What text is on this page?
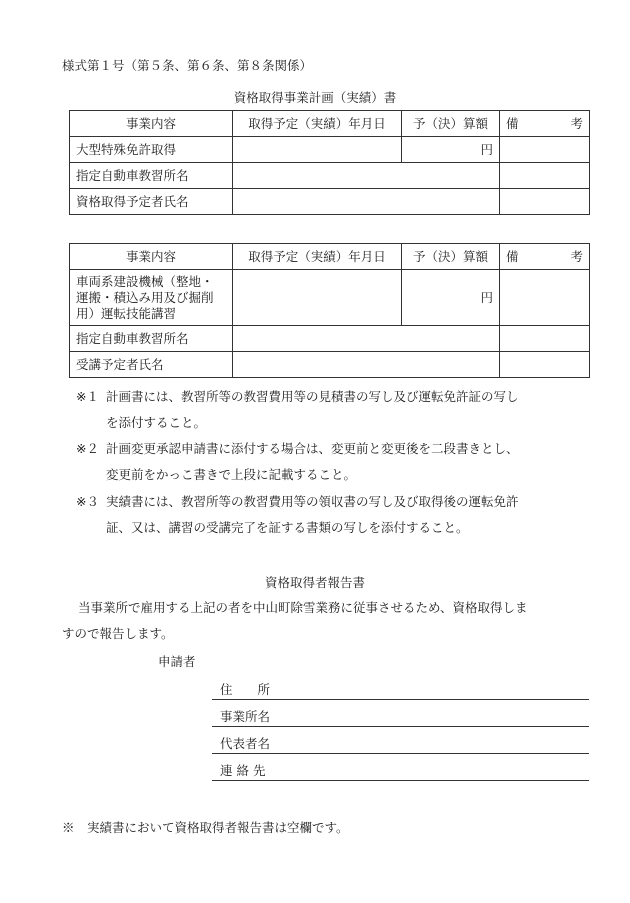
様式第１号（第５条、第６条、第８条関係）
資格取得事業計画（実績）書
事業内容	取得予定（実績）年月日	予（決）算額	備考
大型特殊免許取得		円	
指定自動車教習所名			
資格取得予定者氏名			
事業内容	取得予定（実績）年月日	予（決）算額	備考

車両系建設機械（整地・
運搬・積込み用及び掘削
用）運転技能講習		円	
指定自動車教習所名			
受講予定者氏名			
※１ 計画書には、教習所等の教習費用等の見積書の写し及び運転免許証の写し
を添付すること。
※２ 計画変更承認申請書に添付する場合は、変更前と変更後を二段書きとし、
変更前をかっこ書きで上段に記載すること。
※３ 実績書には、教習所等の教習費用等の領収書の写し及び取得後の運転免許
証、又は、講習の受講完了を証する書類の写しを添付すること。
資格取得者報告書
当事業所で雇用する上記の者を中山町除雪業務に従事させるため、資格取得しま
すので報告します。
申請者
住　　所
事業所名
代表者名
連 絡 先
※　実績書において資格取得者報告書は空欄です。
